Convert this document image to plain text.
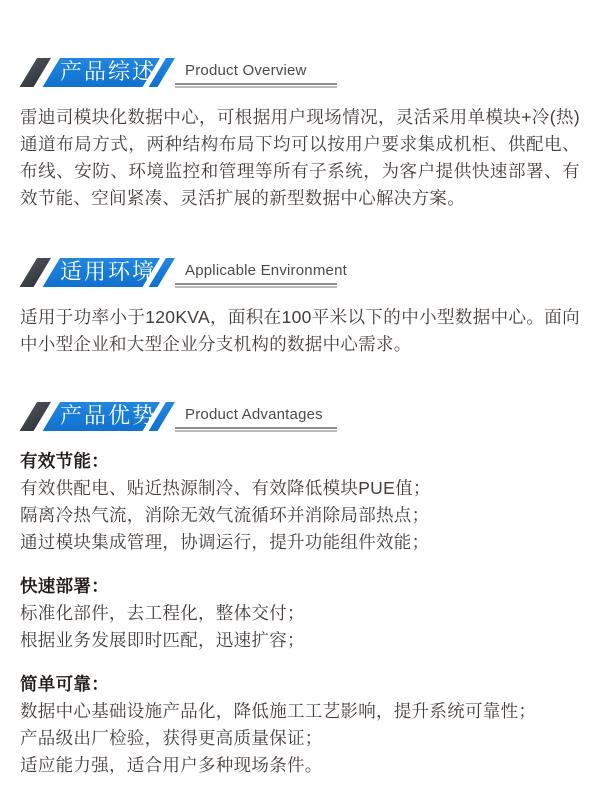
产品综述 Product Overview

雷迪司模块化数据中心，可根据用户现场情况，灵活采用单模块+冷(热)通道布局方式，两种结构布局下均可以按用户要求集成机柜、供配电、布线、安防、环境监控和管理等所有子系统，为客户提供快速部署、有效节能、空间紧凑、灵活扩展的新型数据中心解决方案。

适用环境 Applicable Environment

适用于功率小于120KVA，面积在100平米以下的中小型数据中心。面向中小型企业和大型企业分支机构的数据中心需求。

产品优势 Product Advantages
有效节能：
有效供配电、贴近热源制冷、有效降低模块PUE值；
隔离冷热气流，消除无效气流循环并消除局部热点；
通过模块集成管理，协调运行，提升功能组件效能；
快速部署：
标准化部件，去工程化，整体交付；
根据业务发展即时匹配，迅速扩容；
简单可靠：
数据中心基础设施产品化，降低施工工艺影响，提升系统可靠性；
产品级出厂检验，获得更高质量保证；
适应能力强，适合用户多种现场条件。
